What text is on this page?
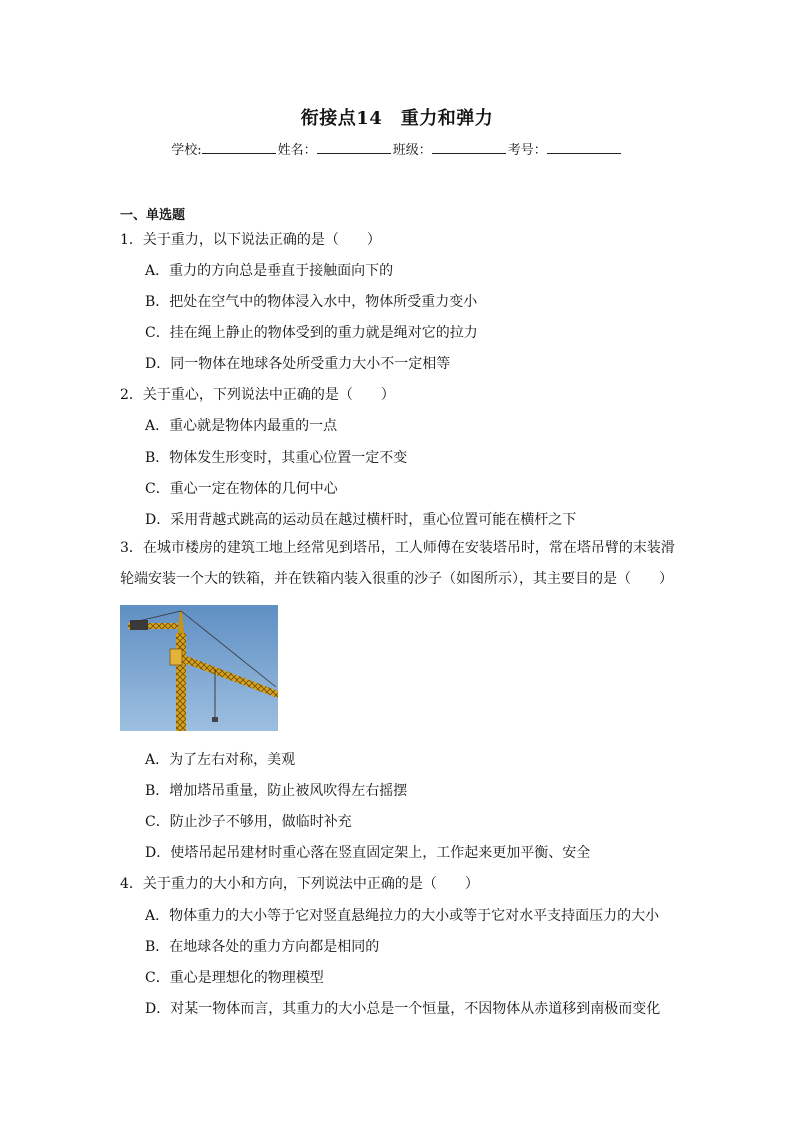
衔接点14　重力和弹力
学校:	姓名：	班级：	考号：
一、单选题
1．关于重力，以下说法正确的是（　　）
A．重力的方向总是垂直于接触面向下的
B．把处在空气中的物体浸入水中，物体所受重力变小
C．挂在绳上静止的物体受到的重力就是绳对它的拉力
D．同一物体在地球各处所受重力大小不一定相等
2．关于重心，下列说法中正确的是（　　）
A．重心就是物体内最重的一点
B．物体发生形变时，其重心位置一定不变
C．重心一定在物体的几何中心
D．采用背越式跳高的运动员在越过横杆时，重心位置可能在横杆之下
3．在城市楼房的建筑工地上经常见到塔吊，工人师傅在安装塔吊时，常在塔吊臂的末装滑轮端安装一个大的铁箱，并在铁箱内装入很重的沙子（如图所示），其主要目的是（　　）
A．为了左右对称，美观
B．增加塔吊重量，防止被风吹得左右摇摆
C．防止沙子不够用，做临时补充
D．使塔吊起吊建材时重心落在竖直固定架上，工作起来更加平衡、安全
4．关于重力的大小和方向，下列说法中正确的是（　　）
A．物体重力的大小等于它对竖直悬绳拉力的大小或等于它对水平支持面压力的大小
B．在地球各处的重力方向都是相同的
C．重心是理想化的物理模型
D．对某一物体而言，其重力的大小总是一个恒量，不因物体从赤道移到南极而变化
